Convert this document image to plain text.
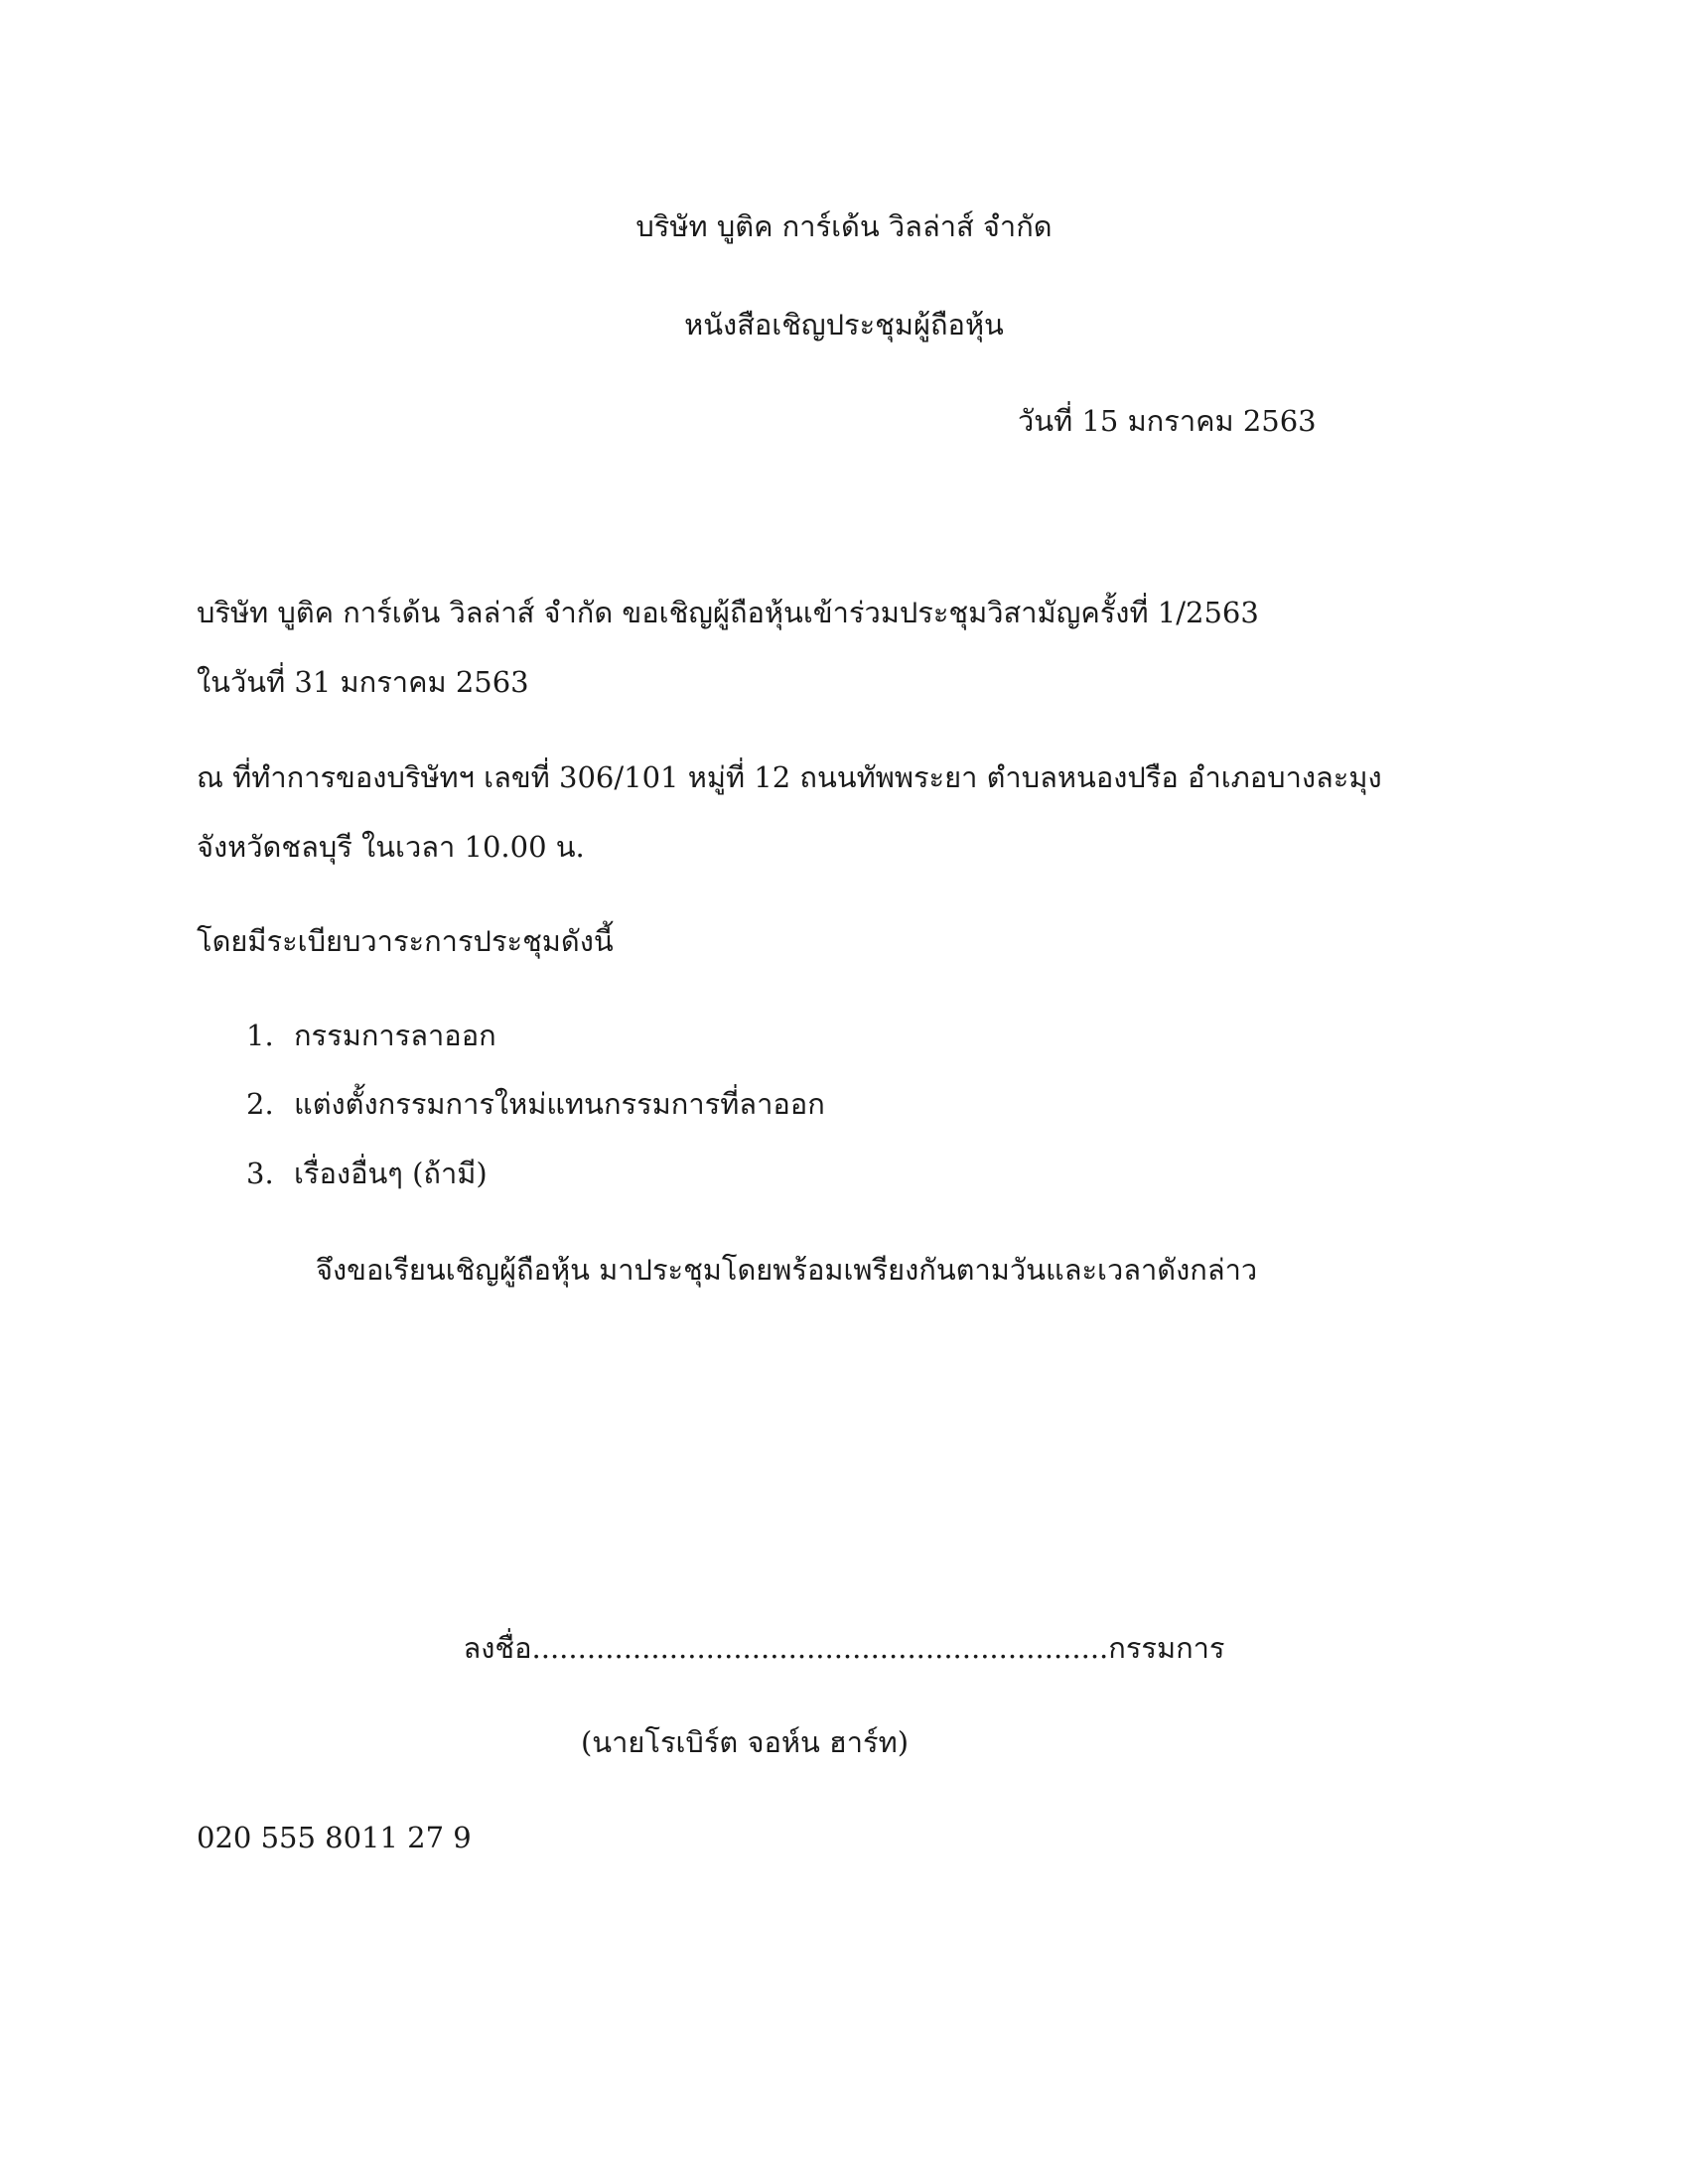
บริษัท บูติค การ์เด้น วิลล่าส์ จำกัด
หนังสือเชิญประชุมผู้ถือหุ้น
วันที่ 15 มกราคม 2563
บริษัท บูติค การ์เด้น วิลล่าส์ จำกัด ขอเชิญผู้ถือหุ้นเข้าร่วมประชุมวิสามัญครั้งที่ 1/2563
ในวันที่ 31 มกราคม 2563
ณ ที่ทำการของบริษัทฯ เลขที่ 306/101 หมู่ที่ 12 ถนนทัพพระยา ตำบลหนองปรือ อำเภอบางละมุง
จังหวัดชลบุรี ในเวลา 10.00 น.
โดยมีระเบียบวาระการประชุมดังนี้
1. กรรมการลาออก
2. แต่งตั้งกรรมการใหม่แทนกรรมการที่ลาออก
3. เรื่องอื่นๆ (ถ้ามี)
จึงขอเรียนเชิญผู้ถือหุ้น มาประชุมโดยพร้อมเพรียงกันตามวันและเวลาดังกล่าว
ลงชื่อ...............................................................กรรมการ
(นายโรเบิร์ต จอห์น ฮาร์ท)
020 555 8011 27 9
